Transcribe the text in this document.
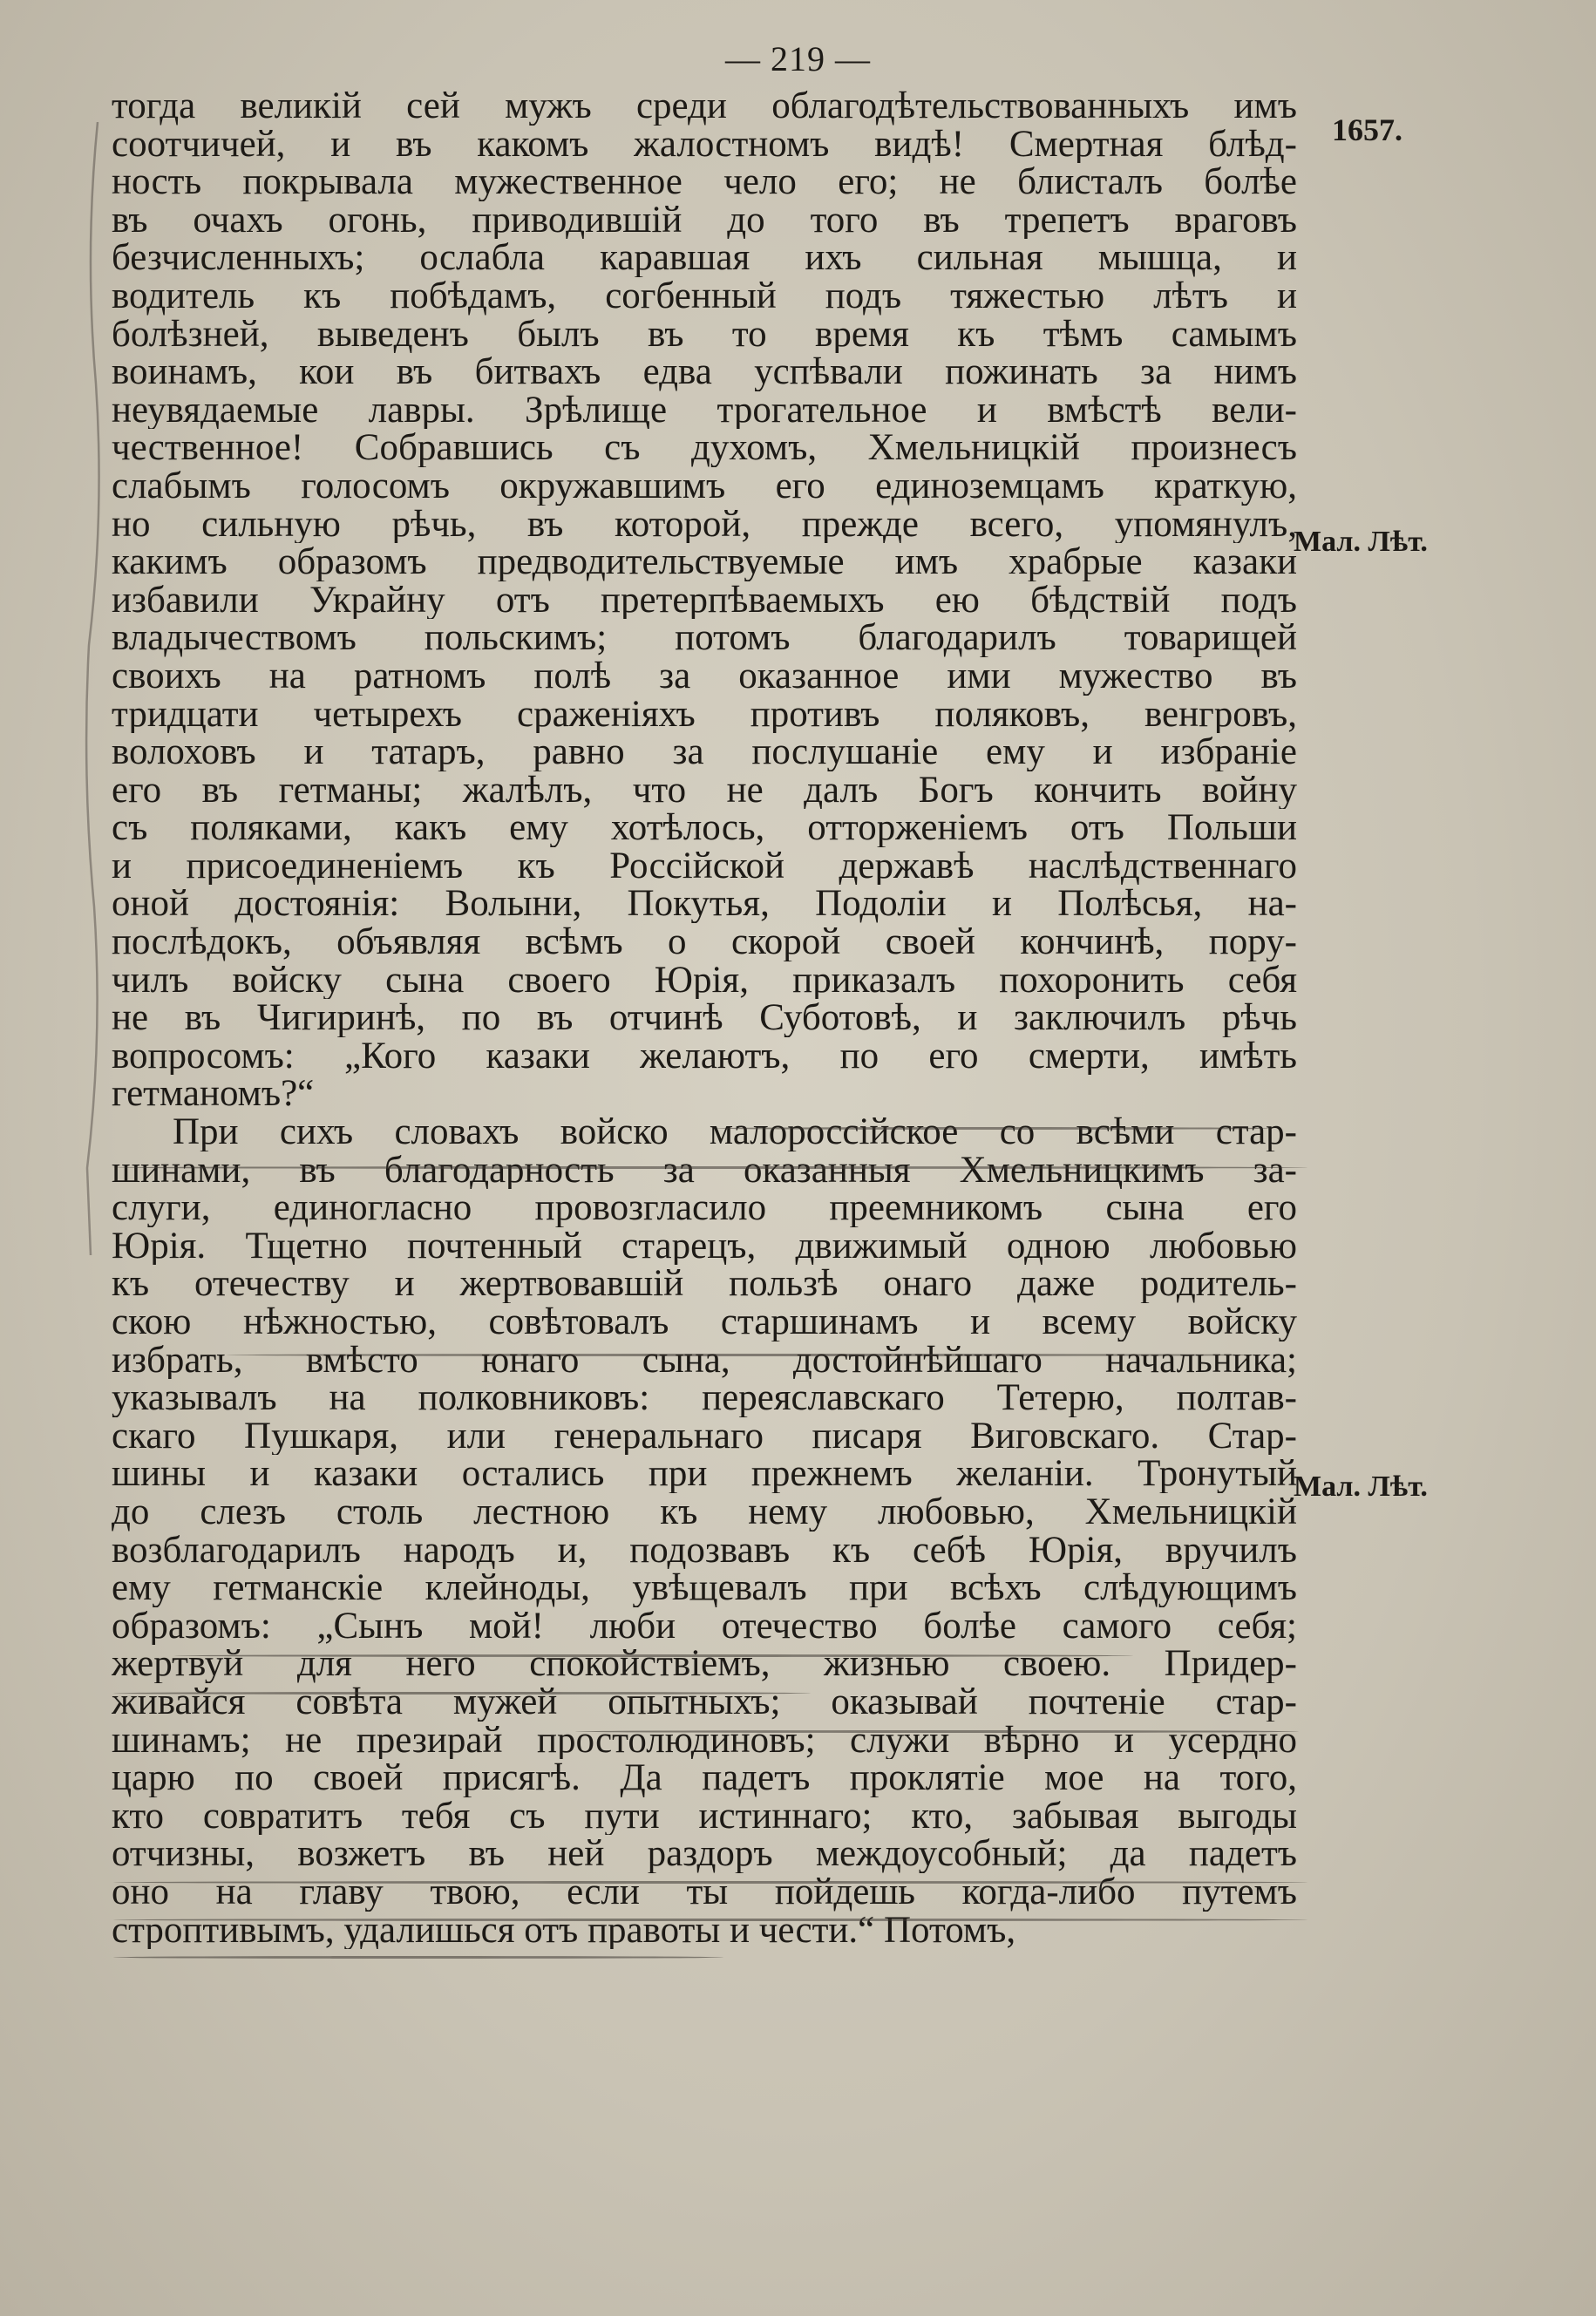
— 219 —
1657.
Мал. Лѣт.
Мал. Лѣт.
тогда великій сей мужъ среди облагодѣтельствованныхъ имъ
соотчичей, и въ какомъ жалостномъ видѣ! Смертная блѣд-
ность покрывала мужественное чело его; не блисталъ болѣе
въ очахъ огонь, приводившій до того въ трепетъ враговъ
безчисленныхъ; ослабла каравшая ихъ сильная мышца, и
водитель къ побѣдамъ, согбенный подъ тяжестью лѣтъ и
болѣзней, выведенъ былъ въ то время къ тѣмъ самымъ
воинамъ, кои въ битвахъ едва успѣвали пожинать за нимъ
неувядаемые лавры. Зрѣлище трогательное и вмѣстѣ вели-
чественное! Собравшись съ духомъ, Хмельницкій произнесъ
слабымъ голосомъ окружавшимъ его единоземцамъ краткую,
но сильную рѣчь, въ которой, прежде всего, упомянулъ,
какимъ образомъ предводительствуемые имъ храбрые казаки
избавили Украйну отъ претерпѣваемыхъ ею бѣдствій подъ
владычествомъ польскимъ; потомъ благодарилъ товарищей
своихъ на ратномъ полѣ за оказанное ими мужество въ
тридцати четырехъ сраженіяхъ противъ поляковъ, венгровъ,
волоховъ и татаръ, равно за послушаніе ему и избраніе
его въ гетманы; жалѣлъ, что не далъ Богъ кончить войну
съ поляками, какъ ему хотѣлось, отторженіемъ отъ Польши
и присоединеніемъ къ Россійской державѣ наслѣдственнаго
оной достоянія: Волыни, Покутья, Подоліи и Полѣсья, на-
послѣдокъ, объявляя всѣмъ о скорой своей кончинѣ, пору-
чилъ войску сына своего Юрія, приказалъ похоронить себя
не въ Чигиринѣ, по въ отчинѣ Суботовѣ, и заключилъ рѣчь
вопросомъ: „Кого казаки желаютъ, по его смерти, имѣть
гетманомъ?“
При сихъ словахъ войско малороссійское со всѣми стар-
шинами, въ благодарность за оказанныя Хмельницкимъ за-
слуги, единогласно провозгласило преемникомъ сына его
Юрія. Тщетно почтенный старецъ, движимый одною любовью
къ отечеству и жертвовавшій пользѣ онаго даже родитель-
скою нѣжностью, совѣтовалъ старшинамъ и всему войску
избрать, вмѣсто юнаго сына, достойнѣйшаго начальника;
указывалъ на полковниковъ: переяславскаго Тетерю, полтав-
скаго Пушкаря, или генеральнаго писаря Виговскаго. Стар-
шины и казаки остались при прежнемъ желаніи. Тронутый
до слезъ столь лестною къ нему любовью, Хмельницкій
возблагодарилъ народъ и, подозвавъ къ себѣ Юрія, вручилъ
ему гетманскіе клейноды, увѣщевалъ при всѣхъ слѣдующимъ
образомъ: „Сынъ мой! люби отечество болѣе самого себя;
жертвуй для него спокойствіемъ, жизнью своею. Придер-
живайся совѣта мужей опытныхъ; оказывай почтеніе стар-
шинамъ; не презирай простолюдиновъ; служи вѣрно и усердно
царю по своей присягѣ. Да падетъ проклятіе мое на того,
кто совратитъ тебя съ пути истиннаго; кто, забывая выгоды
отчизны, возжетъ въ ней раздоръ междоусобный; да падетъ
оно на главу твою, если ты пойдешь когда-либо путемъ
строптивымъ, удалишься отъ правоты и чести.“ Потомъ,
